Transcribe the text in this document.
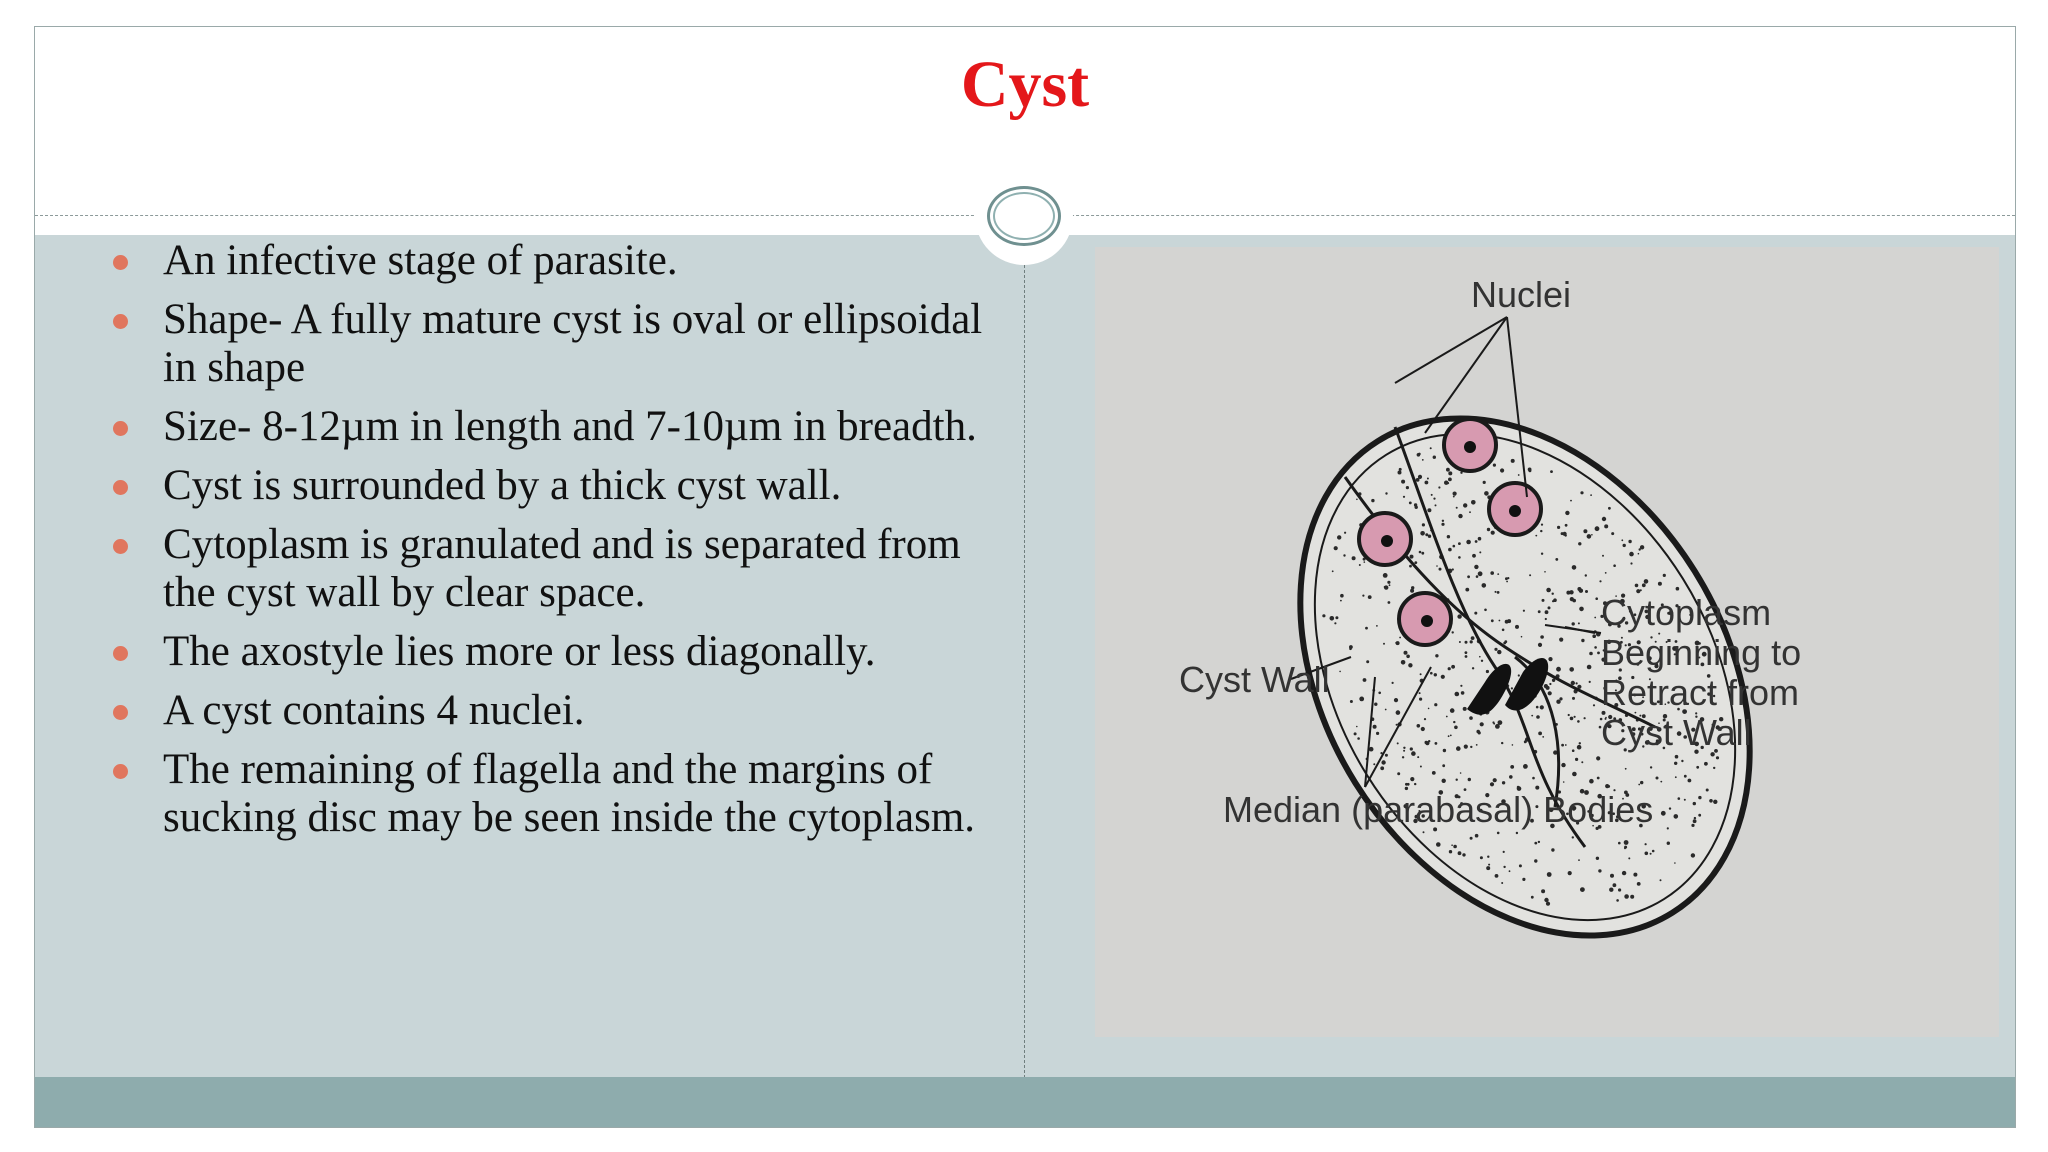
Cyst
An infective stage of parasite.
Shape- A fully mature cyst is oval or ellipsoidal in shape
Size- 8-12µm in length and 7-10µm in breadth.
Cyst is surrounded by a thick cyst wall.
Cytoplasm is granulated and is separated from the cyst wall by clear space.
The axostyle lies more or less diagonally.
A cyst contains 4 nuclei.
The remaining of flagella and the margins of sucking disc may be seen inside the cytoplasm.
Nuclei
Cyst Wall
Cytoplasm
Beginning to
Retract from
Cyst Wall
Median (parabasal) Bodies
